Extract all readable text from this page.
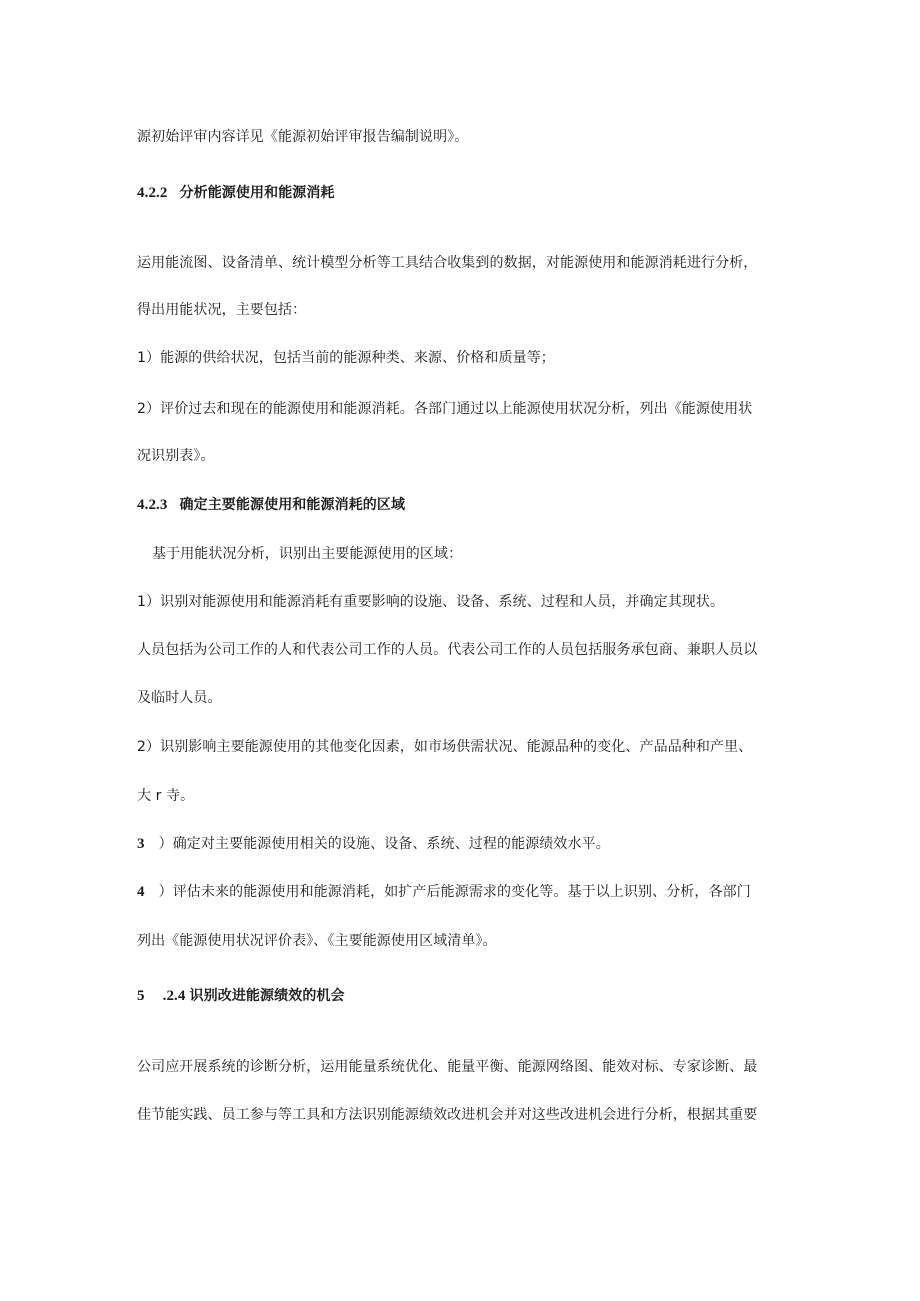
源初始评审内容详见《能源初始评审报告编制说明》。
4.2.2 分析能源使用和能源消耗
运用能流图、设备清单、统计模型分析等工具结合收集到的数据，对能源使用和能源消耗进行分析，
得出用能状况，主要包括：
1）能源的供给状况，包括当前的能源种类、来源、价格和质量等；
2）评价过去和现在的能源使用和能源消耗。各部门通过以上能源使用状况分析，列出《能源使用状
况识别表》。
4.2.3 确定主要能源使用和能源消耗的区域
基于用能状况分析，识别出主要能源使用的区域：
1）识别对能源使用和能源消耗有重要影响的设施、设备、系统、过程和人员，并确定其现状。
人员包括为公司工作的人和代表公司工作的人员。代表公司工作的人员包括服务承包商、兼职人员以
及临时人员。
2）识别影响主要能源使用的其他变化因素，如市场供需状况、能源品种的变化、产品品种和产里、
大 r 寺。
3 ）确定对主要能源使用相关的设施、设备、系统、过程的能源绩效水平。
4 ）评估未来的能源使用和能源消耗，如扩产后能源需求的变化等。基于以上识别、分析，各部门
列出《能源使用状况评价表》、《主要能源使用区域清单》。
5 .2.4 识别改进能源绩效的机会
公司应开展系统的诊断分析，运用能量系统优化、能量平衡、能源网络图、能效对标、专家诊断、最
佳节能实践、员工参与等工具和方法识别能源绩效改进机会并对这些改进机会进行分析，根据其重要
